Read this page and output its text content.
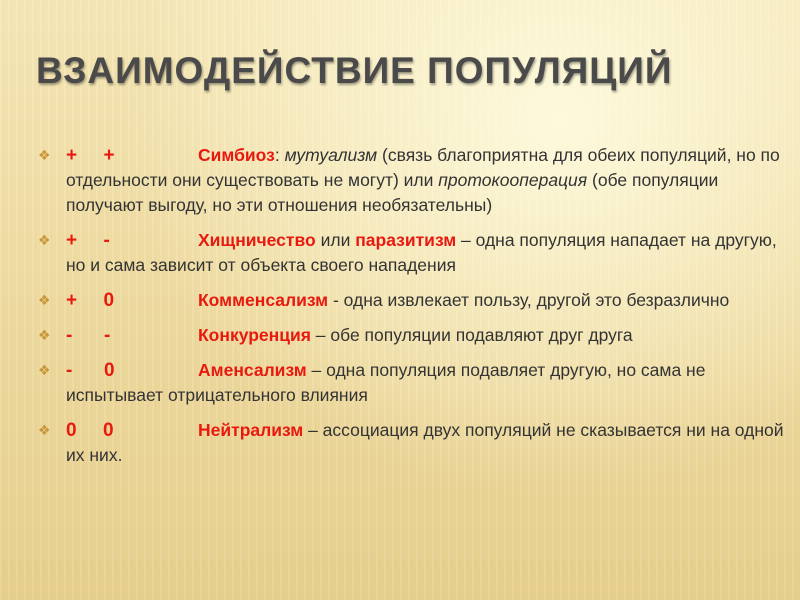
ВЗАИМОДЕЙСТВИЕ ПОПУЛЯЦИЙ
❖ +     +	Симбиоз: мутуализм (связь благоприятна для обеих популяций, но по отдельности они существовать не могут) или протокооперация (обе популяции получают выгоду, но эти отношения необязательны)
❖ +     -	Хищничество или паразитизм – одна популяция нападает на другую, но и сама зависит от объекта своего нападения
❖ +     0	Комменсализм - одна извлекает пользу, другой это безразлично
❖ -      -	Конкуренция – обе популяции подавляют друг друга
❖ -      0	Аменсализм – одна популяция подавляет другую, но сама не испытывает отрицательного влияния
❖ 0     0	Нейтрализм – ассоциация двух популяций не сказывается ни на одной их них.
